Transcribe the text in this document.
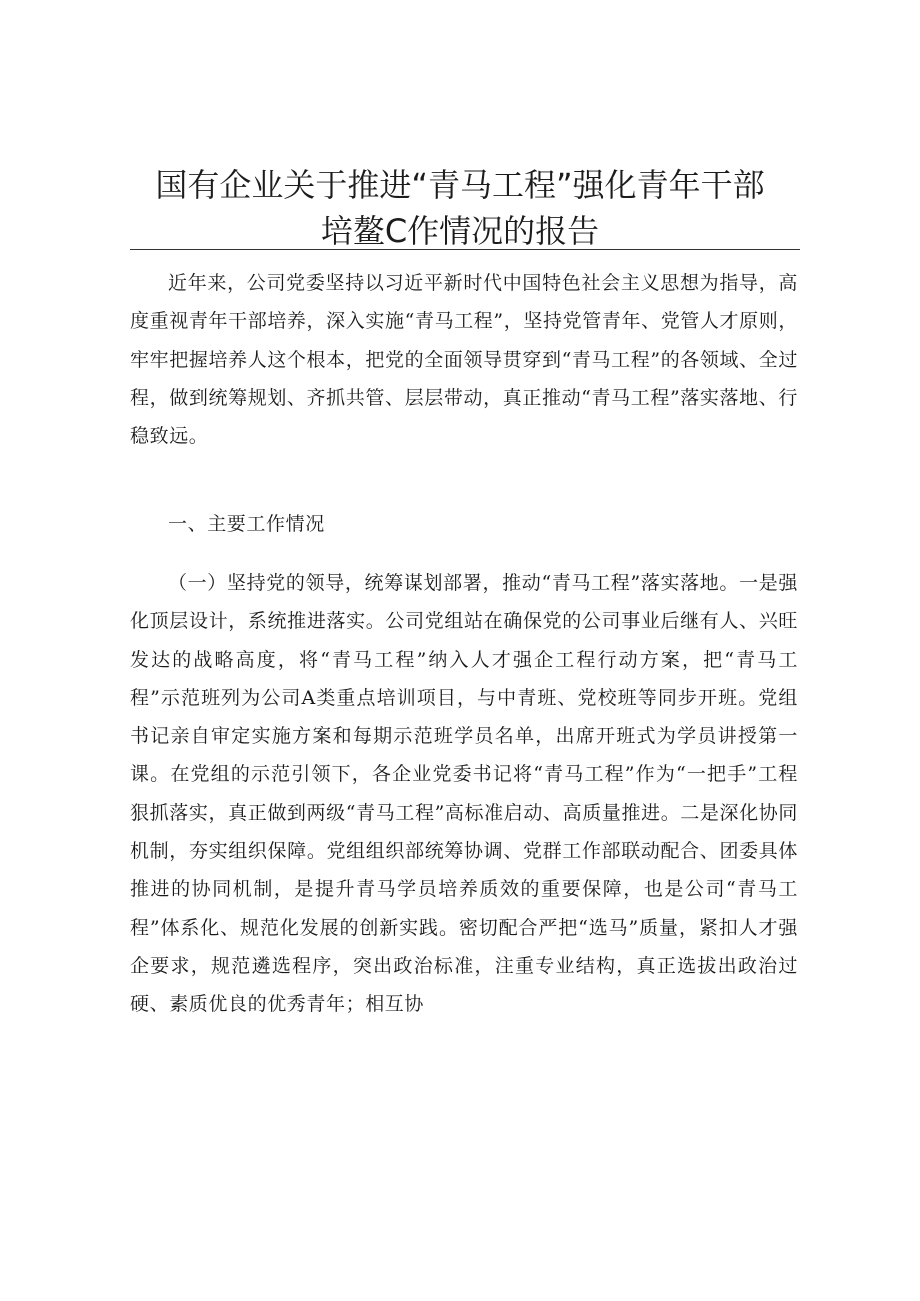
国有企业关于推进“青马工程”强化青年干部
培鳌C作情况的报告

近年来，公司党委坚持以习近平新时代中国特色社会主义思想为指导，高度重视青年干部培养，深入实施“青马工程”，坚持党管青年、党管人才原则，牢牢把握培养人这个根本，把党的全面领导贯穿到“青马工程”的各领域、全过程，做到统筹规划、齐抓共管、层层带动，真正推动“青马工程”落实落地、行稳致远。

一、主要工作情况

（一）坚持党的领导，统筹谋划部署，推动“青马工程”落实落地。一是强化顶层设计，系统推进落实。公司党组站在确保党的公司事业后继有人、兴旺发达的战略高度，将“青马工程”纳入人才强企工程行动方案，把“青马工程”示范班列为公司A类重点培训项目，与中青班、党校班等同步开班。党组书记亲自审定实施方案和每期示范班学员名单，出席开班式为学员讲授第一课。在党组的示范引领下，各企业党委书记将“青马工程”作为“一把手”工程狠抓落实，真正做到两级“青马工程”高标准启动、高质量推进。二是深化协同机制，夯实组织保障。党组组织部统筹协调、党群工作部联动配合、团委具体推进的协同机制，是提升青马学员培养质效的重要保障，也是公司“青马工程”体系化、规范化发展的创新实践。密切配合严把“选马”质量，紧扣人才强企要求，规范遴选程序，突出政治标准，注重专业结构，真正选拔出政治过硬、素质优良的优秀青年；相互协
